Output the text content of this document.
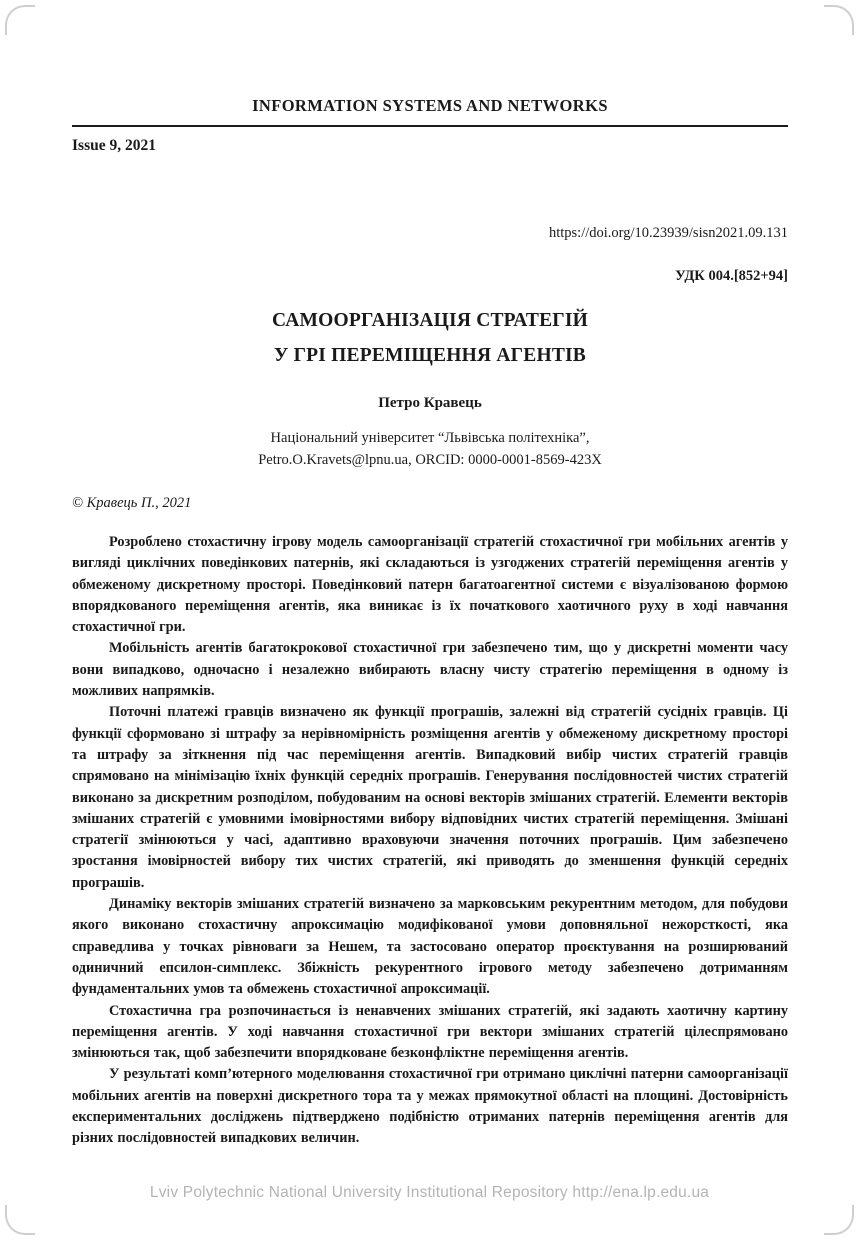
INFORMATION SYSTEMS AND NETWORKS
Issue 9, 2021
https://doi.org/10.23939/sisn2021.09.131
УДК 004.[852+94]
САМООРГАНІЗАЦІЯ СТРАТЕГІЙ
У ГРІ ПЕРЕМІЩЕННЯ АГЕНТІВ
Петро Кравець
Національний університет “Львівська політехніка”,
Petro.O.Kravets@lpnu.ua, ORCID: 0000-0001-8569-423X
© Кравець П., 2021

Розроблено стохастичну ігрову модель самоорганізації стратегій стохастичної гри мобільних агентів у вигляді циклічних поведінкових патернів, які складаються із узгоджених стратегій переміщення агентів у обмеженому дискретному просторі. Поведінковий патерн багатоагентної системи є візуалізованою формою впорядкованого переміщення агентів, яка виникає із їх початкового хаотичного руху в ході навчання стохастичної гри.

Мобільність агентів багатокрокової стохастичної гри забезпечено тим, що у дискретні моменти часу вони випадково, одночасно і незалежно вибирають власну чисту стратегію переміщення в одному із можливих напрямків.

Поточні платежі гравців визначено як функції програшів, залежні від стратегій сусідніх гравців. Ці функції сформовано зі штрафу за нерівномірність розміщення агентів у обмеженому дискретному просторі та штрафу за зіткнення під час переміщення агентів. Випадковий вибір чистих стратегій гравців спрямовано на мінімізацію їхніх функцій середніх програшів. Генерування послідовностей чистих стратегій виконано за дискретним розподілом, побудованим на основі векторів змішаних стратегій. Елементи векторів змішаних стратегій є умовними імовірностями вибору відповідних чистих стратегій переміщення. Змішані стратегії змінюються у часі, адаптивно враховуючи значення поточних програшів. Цим забезпечено зростання імовірностей вибору тих чистих стратегій, які приводять до зменшення функцій середніх програшів.

Динаміку векторів змішаних стратегій визначено за марковським рекурентним методом, для побудови якого виконано стохастичну апроксимацію модифікованої умови доповняльної нежорсткості, яка справедлива у точках рівноваги за Нешем, та застосовано оператор проєктування на розширюваний одиничний епсилон-симплекс. Збіжність рекурентного ігрового методу забезпечено дотриманням фундаментальних умов та обмежень стохастичної апроксимації.

Стохастична гра розпочинається із ненавчених змішаних стратегій, які задають хаотичну картину переміщення агентів. У ході навчання стохастичної гри вектори змішаних стратегій цілеспрямовано змінюються так, щоб забезпечити впорядковане безконфліктне переміщення агентів.

У результаті комп’ютерного моделювання стохастичної гри отримано циклічні патерни самоорганізації мобільних агентів на поверхні дискретного тора та у межах прямокутної області на площині. Достовірність експериментальних досліджень підтверджено подібністю отриманих патернів переміщення агентів для різних послідовностей випадкових величин.

Lviv Polytechnic National University Institutional Repository http://ena.lp.edu.ua
